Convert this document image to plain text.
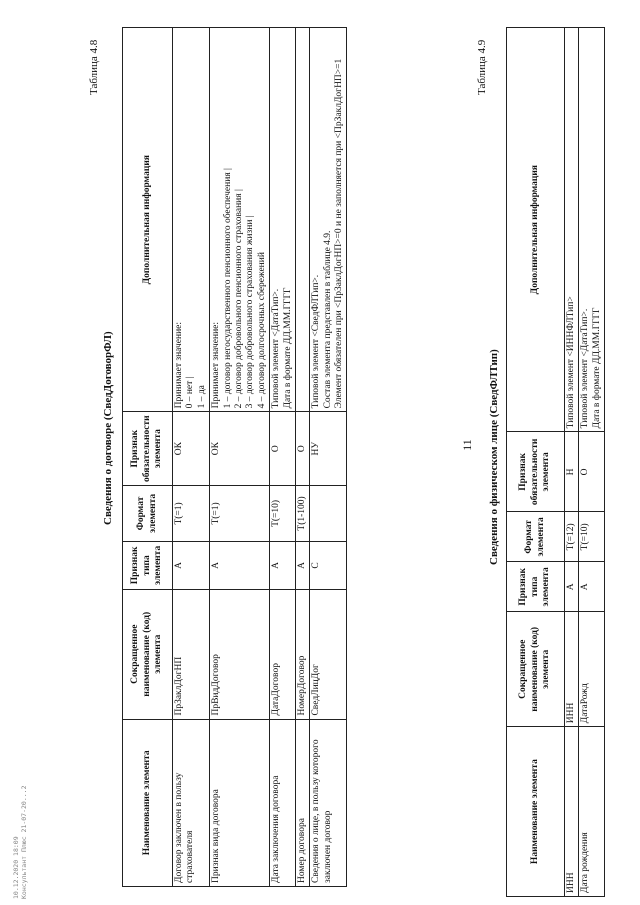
10.12.2020 18:09 Консультант Плюс 21-07-20...2
Таблица 4.8
Сведения о договоре (СведДоговорФЛ)
Наименование элемента	Сокращенное наименование (код) элемента	Признак типа элемента	Формат элемента	Признак обязательности элемента	Дополнительная информация
Договор заключен в пользу страхователя	ПрЗаклДогНП	А	T(=1)	ОК	Принимает значение: 0 – нет | 1 – да

Признак вида договора	ПрВидДоговор	А	T(=1)	ОК	Принимает значение: 1 – договор негосударственного пенсионного обеспечения | 2 – договор добровольного пенсионного страхования | 3 – договор добровольного страхования жизни | 4 – договор долгосрочных сбережений

Дата заключения договора	ДатаДоговор	А	T(=10)	О	Типовой элемент <ДатаТип>. Дата в формате ДД.ММ.ГГГГ

Номер договора	НомерДоговор	А	T(1-100)	О	
Сведения о лице, в пользу которого заключен договор	СведЛицДог	С		НУ	Типовой элемент <СведФЛТип>. Состав элемента представлен в таблице 4.9. Элемент обязателен при <ПрЗаклДогНП>=0 и не заполняется при <ПрЗаклДогНП>=1
11
Таблица 4.9
Сведения о физическом лице (СведФЛТип)
Наименование элемента	Сокращенное наименование (код) элемента	Признак типа элемента	Формат элемента	Признак обязательности элемента	Дополнительная информация
ИНН	ИНН	А	T(=12)	Н	Типовой элемент <ИННФЛТип>

Дата рождения	ДатаРожд	А	T(=10)	О	Типовой элемент <ДатаТип>. Дата в формате ДД.ММ.ГГГГ
